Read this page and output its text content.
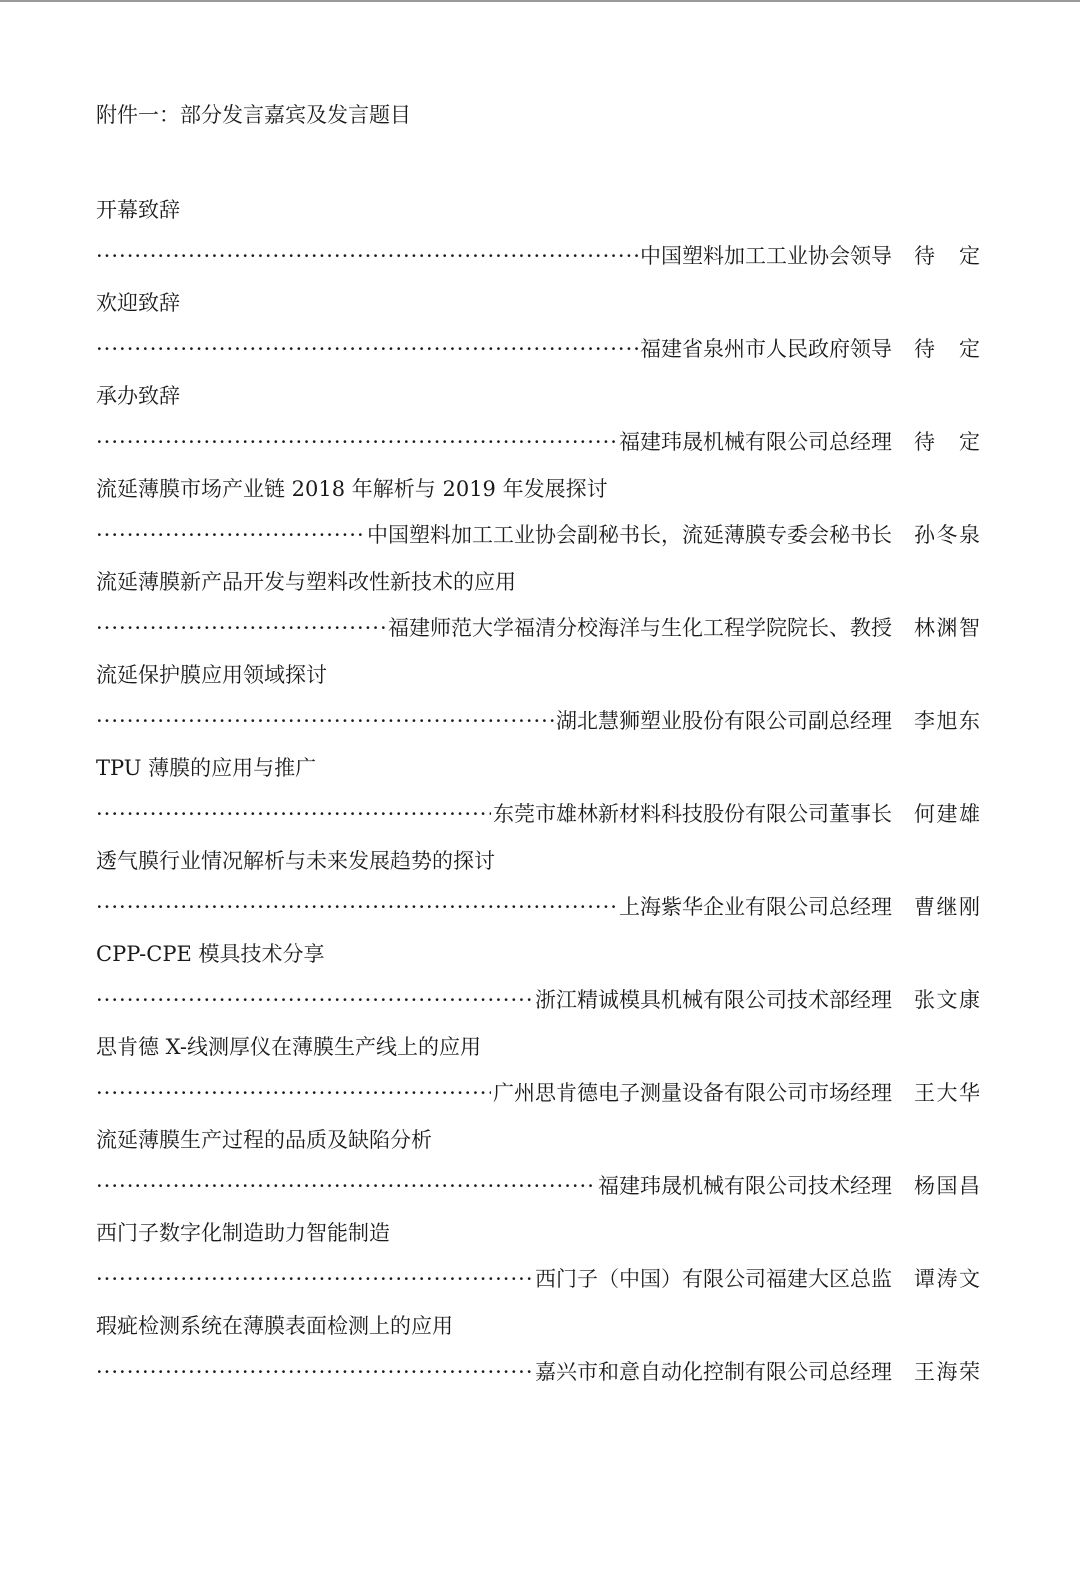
附件一：部分发言嘉宾及发言题目
开幕致辞
·····
中国塑料加工工业协会领导 待定
欢迎致辞
·····
福建省泉州市人民政府领导 待定
承办致辞
·····
福建玮晟机械有限公司总经理 待定
流延薄膜市场产业链 2018 年解析与 2019 年发展探讨
·····
中国塑料加工工业协会副秘书长，流延薄膜专委会秘书长 孙冬泉
流延薄膜新产品开发与塑料改性新技术的应用
·····
福建师范大学福清分校海洋与生化工程学院院长、教授 林渊智
流延保护膜应用领域探讨
·····
湖北慧狮塑业股份有限公司副总经理 李旭东
TPU 薄膜的应用与推广
·····
东莞市雄林新材料科技股份有限公司董事长 何建雄
透气膜行业情况解析与未来发展趋势的探讨
·····
上海紫华企业有限公司总经理 曹继刚
CPP-CPE 模具技术分享
·····
浙江精诚模具机械有限公司技术部经理 张文康
思肯德 X-线测厚仪在薄膜生产线上的应用
·····
广州思肯德电子测量设备有限公司市场经理 王大华
流延薄膜生产过程的品质及缺陷分析
·····
福建玮晟机械有限公司技术经理 杨国昌
西门子数字化制造助力智能制造
·····
西门子（中国）有限公司福建大区总监 谭涛文
瑕疵检测系统在薄膜表面检测上的应用
·····
嘉兴市和意自动化控制有限公司总经理 王海荣
